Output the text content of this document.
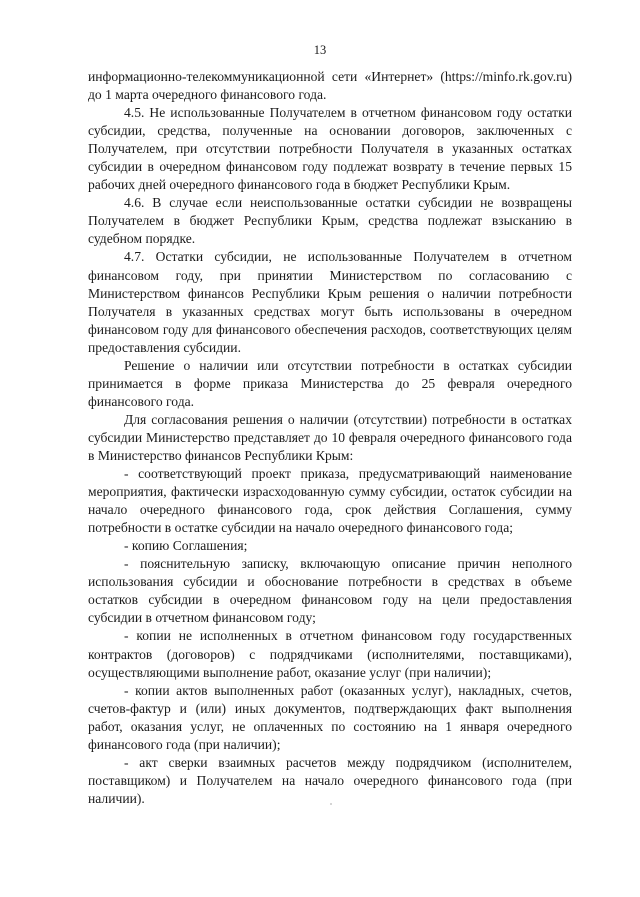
13

информационно-телекоммуникационной сети «Интернет» (https://minfo.rk.gov.ru) до 1 марта очередного финансового года.

4.5. Не использованные Получателем в отчетном финансовом году остатки субсидии, средства, полученные на основании договоров, заключенных с Получателем, при отсутствии потребности Получателя в указанных остатках субсидии в очередном финансовом году подлежат возврату в течение первых 15 рабочих дней очередного финансового года в бюджет Республики Крым.

4.6. В случае если неиспользованные остатки субсидии не возвращены Получателем в бюджет Республики Крым, средства подлежат взысканию в судебном порядке.

4.7. Остатки субсидии, не использованные Получателем в отчетном финансовом году, при принятии Министерством по согласованию с Министерством финансов Республики Крым решения о наличии потребности Получателя в указанных средствах могут быть использованы в очередном финансовом году для финансового обеспечения расходов, соответствующих целям предоставления субсидии.

Решение о наличии или отсутствии потребности в остатках субсидии принимается в форме приказа Министерства до 25 февраля очередного финансового года.

Для согласования решения о наличии (отсутствии) потребности в остатках субсидии Министерство представляет до 10 февраля очередного финансового года в Министерство финансов Республики Крым:

- соответствующий проект приказа, предусматривающий наименование мероприятия, фактически израсходованную сумму субсидии, остаток субсидии на начало очередного финансового года, срок действия Соглашения, сумму потребности в остатке субсидии на начало очередного финансового года;

- копию Соглашения;

- пояснительную записку, включающую описание причин неполного использования субсидии и обоснование потребности в средствах в объеме остатков субсидии в очередном финансовом году на цели предоставления субсидии в отчетном финансовом году;

- копии не исполненных в отчетном финансовом году государственных контрактов (договоров) с подрядчиками (исполнителями, поставщиками), осуществляющими выполнение работ, оказание услуг (при наличии);

- копии актов выполненных работ (оказанных услуг), накладных, счетов, счетов-фактур и (или) иных документов, подтверждающих факт выполнения работ, оказания услуг, не оплаченных по состоянию на 1 января очередного финансового года (при наличии);

- акт сверки взаимных расчетов между подрядчиком (исполнителем, поставщиком) и Получателем на начало очередного финансового года (при наличии).
